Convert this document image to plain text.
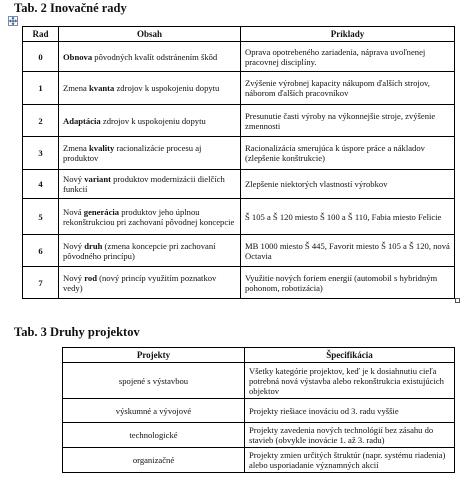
Tab. 2 Inovačné rady
Rad	Obsah	Príklady
0	Obnova pôvodných kvalít odstránením škôd	Oprava opotrebeného zariadenia, náprava uvoľnenej pracovnej disciplíny.
1	Zmena kvanta zdrojov k uspokojeniu dopytu	Zvýšenie výrobnej kapacity nákupom ďalších strojov, náborom ďalších pracovníkov
2	Adaptácia zdrojov k uspokojeniu dopytu	Presunutie časti výroby na výkonnejšie stroje, zvýšenie zmennosti
3	Zmena kvality racionalizácie procesu aj produktov	Racionalizácia smerujúca k úspore práce a nákladov (zlepšenie konštrukcie)
4	Nový variant produktov modernizácii dielčích funkcií	Zlepšenie niektorých vlastností výrobkov
5	Nová generácia produktov jeho úplnou rekonštrukciou pri zachovaní pôvodnej koncepcie	Š 105 a Š 120 miesto Š 100 a Š 110, Fabia miesto Felicie
6	Nový druh (zmena koncepcie pri zachovaní pôvodného princípu)	MB 1000 miesto Š 445, Favorit miesto Š 105 a Š 120, nová Octavia
7	Nový rod (nový princíp využitím poznatkov vedy)	Využitie nových foriem energií (automobil s hybridným pohonom, robotizácia)
Tab. 3 Druhy projektov
Projekty	Špecifikácia
spojené s výstavbou	Všetky kategórie projektov, keď je k dosiahnutiu cieľa potrebná nová výstavba alebo rekonštrukcia existujúcich objektov
výskumné a vývojové	Projekty riešiace inováciu od 3. radu vyššie
technologické	Projekty zavedenia nových technológií bez zásahu do stavieb (obvykle inovácie 1. až 3. radu)
organizačné	Projekty zmien určitých štruktúr (napr. systému riadenia) alebo usporiadanie významných akcií
